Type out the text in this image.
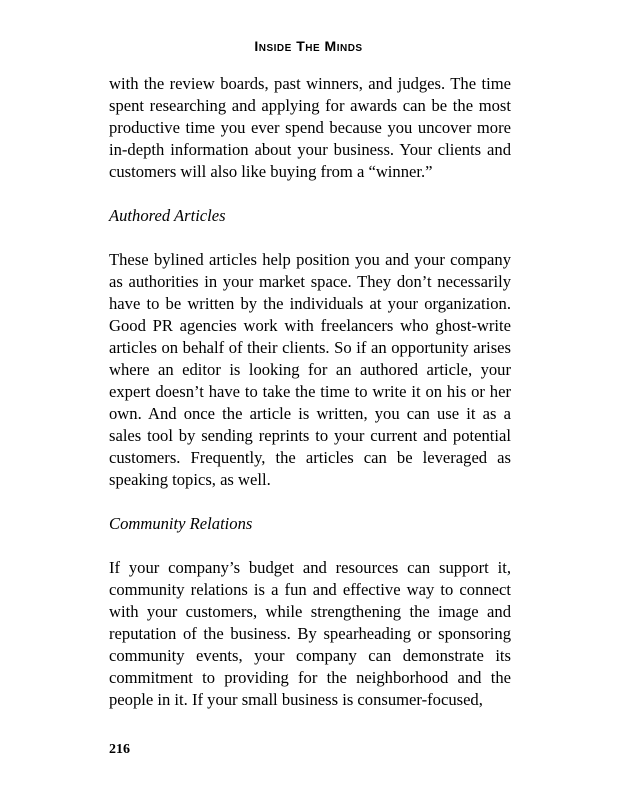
Inside The Minds

with the review boards, past winners, and judges. The time spent researching and applying for awards can be the most productive time you ever spend because you uncover more in-depth information about your business. Your clients and customers will also like buying from a “winner.”

Authored Articles

These bylined articles help position you and your company as authorities in your market space. They don’t necessarily have to be written by the individuals at your organization. Good PR agencies work with freelancers who ghost-write articles on behalf of their clients. So if an opportunity arises where an editor is looking for an authored article, your expert doesn’t have to take the time to write it on his or her own. And once the article is written, you can use it as a sales tool by sending reprints to your current and potential customers. Frequently, the articles can be leveraged as speaking topics, as well.

Community Relations

If your company’s budget and resources can support it, community relations is a fun and effective way to connect with your customers, while strengthening the image and reputation of the business. By spearheading or sponsoring community events, your company can demonstrate its commitment to providing for the neighborhood and the people in it. If your small business is consumer-focused,

216
